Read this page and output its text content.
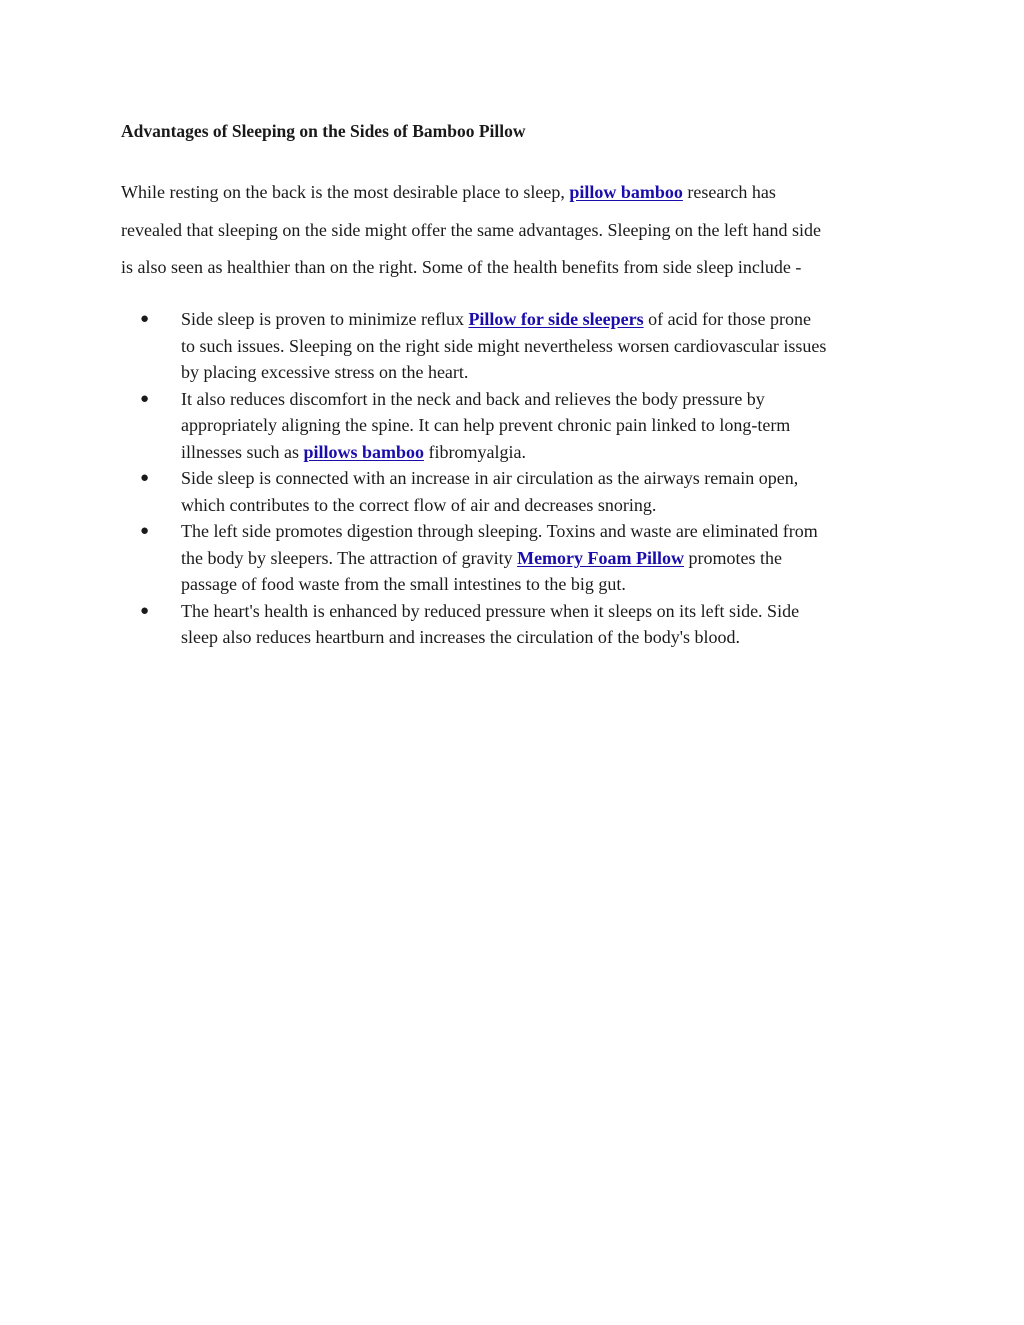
Advantages of Sleeping on the Sides of Bamboo Pillow

While resting on the back is the most desirable place to sleep, pillow bamboo research has
revealed that sleeping on the side might offer the same advantages. Sleeping on the left hand side
is also seen as healthier than on the right. Some of the health benefits from side sleep include -

● Side sleep is proven to minimize reflux Pillow for side sleepers of acid for those prone
to such issues. Sleeping on the right side might nevertheless worsen cardiovascular issues
by placing excessive stress on the heart.
● It also reduces discomfort in the neck and back and relieves the body pressure by
appropriately aligning the spine. It can help prevent chronic pain linked to long-term
illnesses such as pillows bamboo fibromyalgia.
● Side sleep is connected with an increase in air circulation as the airways remain open,
which contributes to the correct flow of air and decreases snoring.
● The left side promotes digestion through sleeping. Toxins and waste are eliminated from
the body by sleepers. The attraction of gravity Memory Foam Pillow promotes the
passage of food waste from the small intestines to the big gut.
● The heart's health is enhanced by reduced pressure when it sleeps on its left side. Side
sleep also reduces heartburn and increases the circulation of the body's blood.
